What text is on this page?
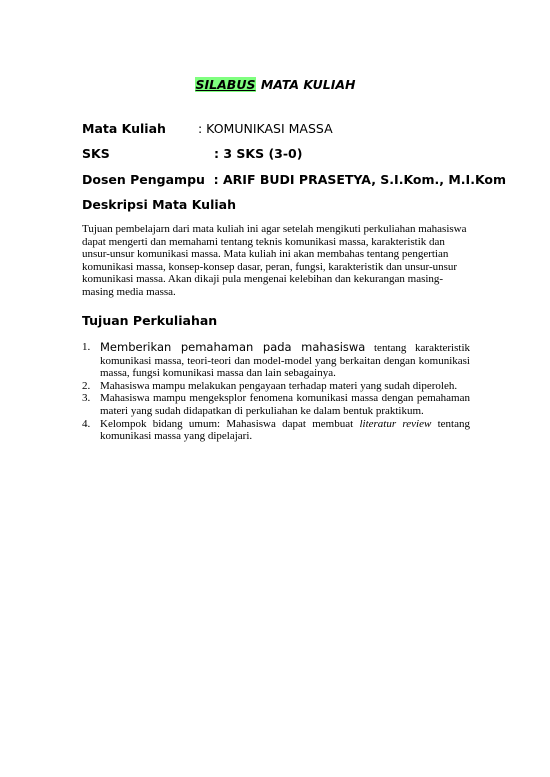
SILABUS MATA KULIAH
Mata Kuliah	: KOMUNIKASI MASSA
SKS	: 3 SKS (3-0)
Dosen Pengampu : ARIF BUDI PRASETYA, S.I.Kom., M.I.Kom
Deskripsi Mata Kuliah
Tujuan pembelajarn dari mata kuliah ini agar setelah mengikuti perkuliahan mahasiswa dapat mengerti dan memahami tentang teknis komunikasi massa, karakteristik dan unsur-unsur komunikasi massa. Mata kuliah ini akan membahas tentang pengertian komunikasi massa, konsep-konsep dasar, peran, fungsi, karakteristik dan unsur-unsur komunikasi massa. Akan dikaji pula mengenai kelebihan dan kekurangan masing-masing media massa.
Tujuan Perkuliahan
1. Memberikan pemahaman pada mahasiswa tentang karakteristik komunikasi massa, teori-teori dan model-model yang berkaitan dengan komunikasi massa, fungsi komunikasi massa dan lain sebagainya.
2. Mahasiswa mampu melakukan pengayaan terhadap materi yang sudah diperoleh.
3. Mahasiswa mampu mengeksplor fenomena komunikasi massa dengan pemahaman materi yang sudah didapatkan di perkuliahan ke dalam bentuk praktikum.
4. Kelompok bidang umum: Mahasiswa dapat membuat literatur review tentang komunikasi massa yang dipelajari.
